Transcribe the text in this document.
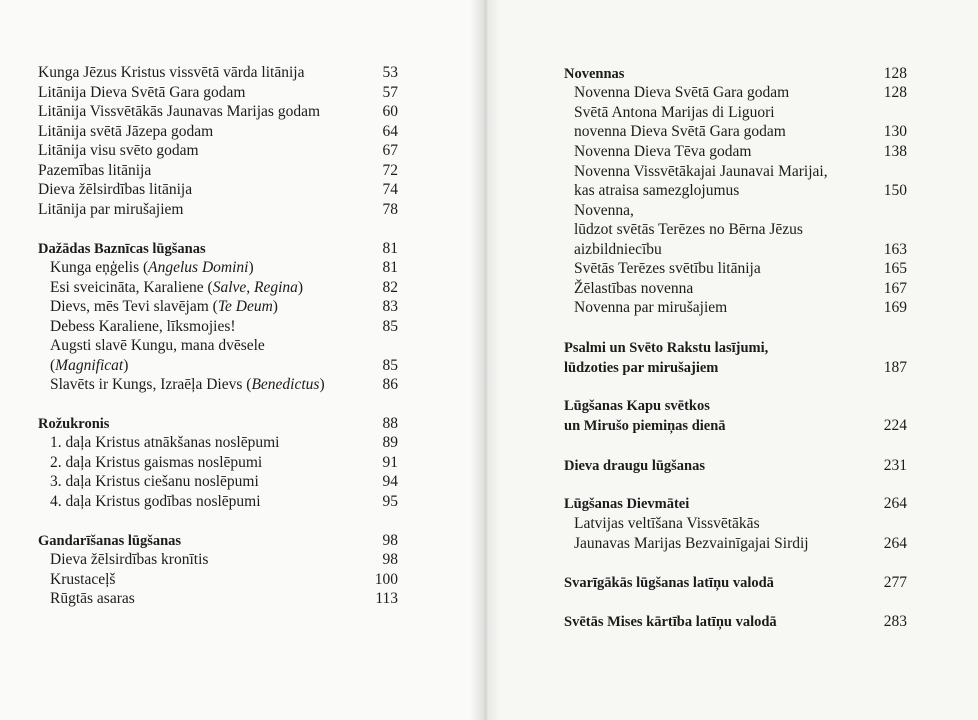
Kunga Jēzus Kristus vissvētā vārda litānija	53
Litānija Dieva Svētā Gara godam	57
Litānija Vissvētākās Jaunavas Marijas godam	60
Litānija svētā Jāzepa godam	64
Litānija visu svēto godam	67
Pazemības litānija	72
Dieva žēlsirdības litānija	74
Litānija par mirušajiem	78
Dažādas Baznīcas lūgšanas	81
Kunga eņģelis (Angelus Domini)	81
Esi sveicināta, Karaliene (Salve, Regina)	82
Dievs, mēs Tevi slavējam (Te Deum)	83
Debess Karaliene, līksmojies!	85
Augsti slavē Kungu, mana dvēsele
(Magnificat)	85
Slavēts ir Kungs, Izraēļa Dievs (Benedictus)	86
Rožukronis	88
1. daļa Kristus atnākšanas noslēpumi	89
2. daļa Kristus gaismas noslēpumi	91
3. daļa Kristus ciešanu noslēpumi	94
4. daļa Kristus godības noslēpumi	95
Gandarīšanas lūgšanas	98
Dieva žēlsirdības kronītis	98
Krustaceļš	100
Rūgtās asaras	113
Novennas	128
Novenna Dieva Svētā Gara godam	128
Svētā Antona Marijas di Liguori
novenna Dieva Svētā Gara godam	130
Novenna Dieva Tēva godam	138
Novenna Vissvētākajai Jaunavai Marijai,
kas atraisa samezglojumus	150
Novenna,
lūdzot svētās Terēzes no Bērna Jēzus
aizbildniecību	163
Svētās Terēzes svētību litānija	165
Žēlastības novenna	167
Novenna par mirušajiem	169
Psalmi un Svēto Rakstu lasījumi,
lūdzoties par mirušajiem	187
Lūgšanas Kapu svētkos
un Mirušo piemiņas dienā	224
Dieva draugu lūgšanas	231
Lūgšanas Dievmātei	264
Latvijas veltīšana Vissvētākās
Jaunavas Marijas Bezvainīgajai Sirdij	264
Svarīgākās lūgšanas latīņu valodā	277
Svētās Mises kārtība latīņu valodā	283
